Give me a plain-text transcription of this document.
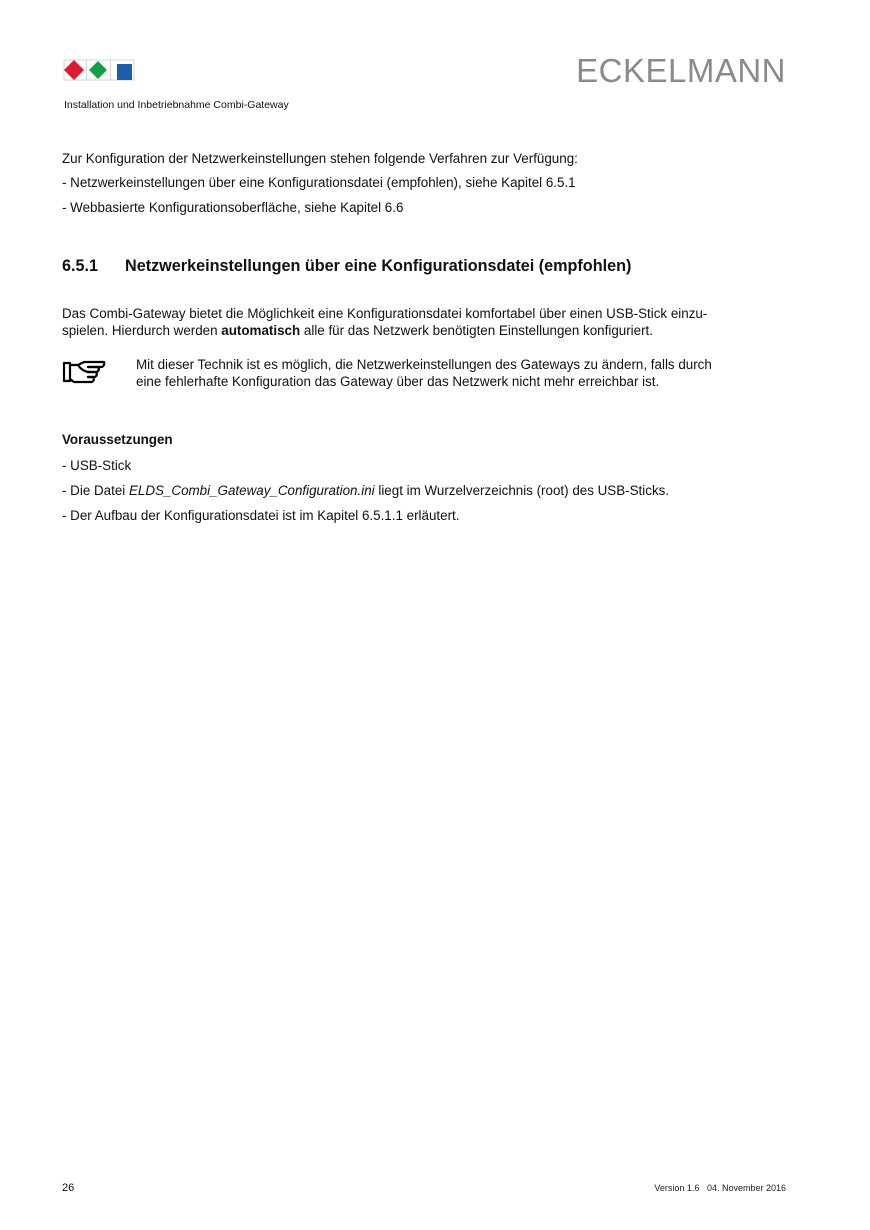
ECKELMANN
Installation und Inbetriebnahme Combi-Gateway
Zur Konfiguration der Netzwerkeinstellungen stehen folgende Verfahren zur Verfügung:
- Netzwerkeinstellungen über eine Konfigurationsdatei (empfohlen), siehe Kapitel 6.5.1
- Webbasierte Konfigurationsoberfläche, siehe Kapitel 6.6
6.5.1 Netzwerkeinstellungen über eine Konfigurationsdatei (empfohlen)
Das Combi-Gateway bietet die Möglichkeit eine Konfigurationsdatei komfortabel über einen USB-Stick einzu-
spielen. Hierdurch werden automatisch alle für das Netzwerk benötigten Einstellungen konfiguriert.
Mit dieser Technik ist es möglich, die Netzwerkeinstellungen des Gateways zu ändern, falls durch
eine fehlerhafte Konfiguration das Gateway über das Netzwerk nicht mehr erreichbar ist.
Voraussetzungen
- USB-Stick
- Die Datei ELDS_Combi_Gateway_Configuration.ini liegt im Wurzelverzeichnis (root) des USB-Sticks.
- Der Aufbau der Konfigurationsdatei ist im Kapitel 6.5.1.1 erläutert.
26	Version 1.6   04. November 2016
